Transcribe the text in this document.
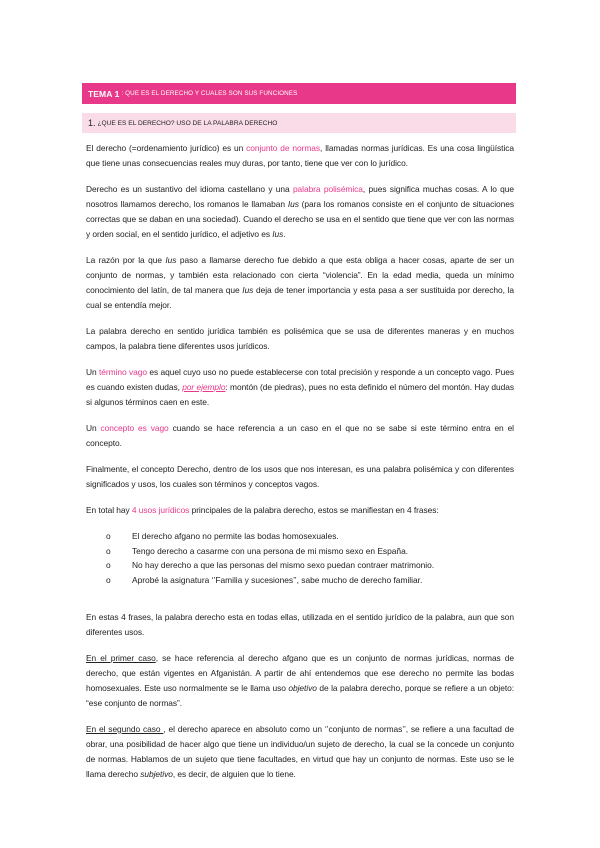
TEMA 1 : QUE ES EL DERECHO Y CUALES SON SUS FUNCIONES
1. ¿QUE ES EL DERECHO? USO DE LA PALABRA DERECHO

El derecho (=ordenamiento jurídico) es un conjunto de normas, llamadas normas jurídicas. Es una cosa lingüística que tiene unas consecuencias reales muy duras, por tanto, tiene que ver con lo jurídico.

Derecho es un sustantivo del idioma castellano y una palabra polisémica, pues significa muchas cosas. A lo que nosotros llamamos derecho, los romanos le llamaban Ius (para los romanos consiste en el conjunto de situaciones correctas que se daban en una sociedad). Cuando el derecho se usa en el sentido que tiene que ver con las normas y orden social, en el sentido jurídico, el adjetivo es Ius.

La razón por la que Ius paso a llamarse derecho fue debido a que esta obliga a hacer cosas, aparte de ser un conjunto de normas, y también esta relacionado con cierta “violencia”. En la edad media, queda un mínimo conocimiento del latín, de tal manera que Ius deja de tener importancia y esta pasa a ser sustituida por derecho, la cual se entendía mejor.

La palabra derecho en sentido jurídica también es polisémica que se usa de diferentes maneras y en muchos campos, la palabra tiene diferentes usos jurídicos.

Un término vago es aquel cuyo uso no puede establecerse con total precisión y responde a un concepto vago. Pues es cuando existen dudas, por ejemplo: montón (de piedras), pues no esta definido el número del montón. Hay dudas si algunos términos caen en este.

Un concepto es vago cuando se hace referencia a un caso en el que no se sabe si este término entra en el concepto.

Finalmente, el concepto Derecho, dentro de los usos que nos interesan, es una palabra polisémica y con diferentes significados y usos, los cuales son términos y conceptos vagos.

En total hay 4 usos jurídicos principales de la palabra derecho, estos se manifiestan en 4 frases:

o	El derecho afgano no permite las bodas homosexuales.
o	Tengo derecho a casarme con una persona de mi mismo sexo en España.
o	No hay derecho a que las personas del mismo sexo puedan contraer matrimonio.
o	Aprobé la asignatura ‘’Familia y sucesiones’’, sabe mucho de derecho familiar.

En estas 4 frases, la palabra derecho esta en todas ellas, utilizada en el sentido jurídico de la palabra, aun que son diferentes usos.

En el primer caso, se hace referencia al derecho afgano que es un conjunto de normas jurídicas, normas de derecho, que están vigentes en Afganistán. A partir de ahí entendemos que ese derecho no permite las bodas homosexuales. Este uso normalmente se le llama uso objetivo de la palabra derecho, porque se refiere a un objeto: “ese conjunto de normas”.

En el segundo caso , el derecho aparece en absoluto como un ‘’conjunto de normas’’, se refiere a una facultad de obrar, una posibilidad de hacer algo que tiene un individuo/un sujeto de derecho, la cual se la concede un conjunto de normas. Hablamos de un sujeto que tiene facultades, en virtud que hay un conjunto de normas. Este uso se le llama derecho subjetivo, es decir, de alguien que lo tiene.
